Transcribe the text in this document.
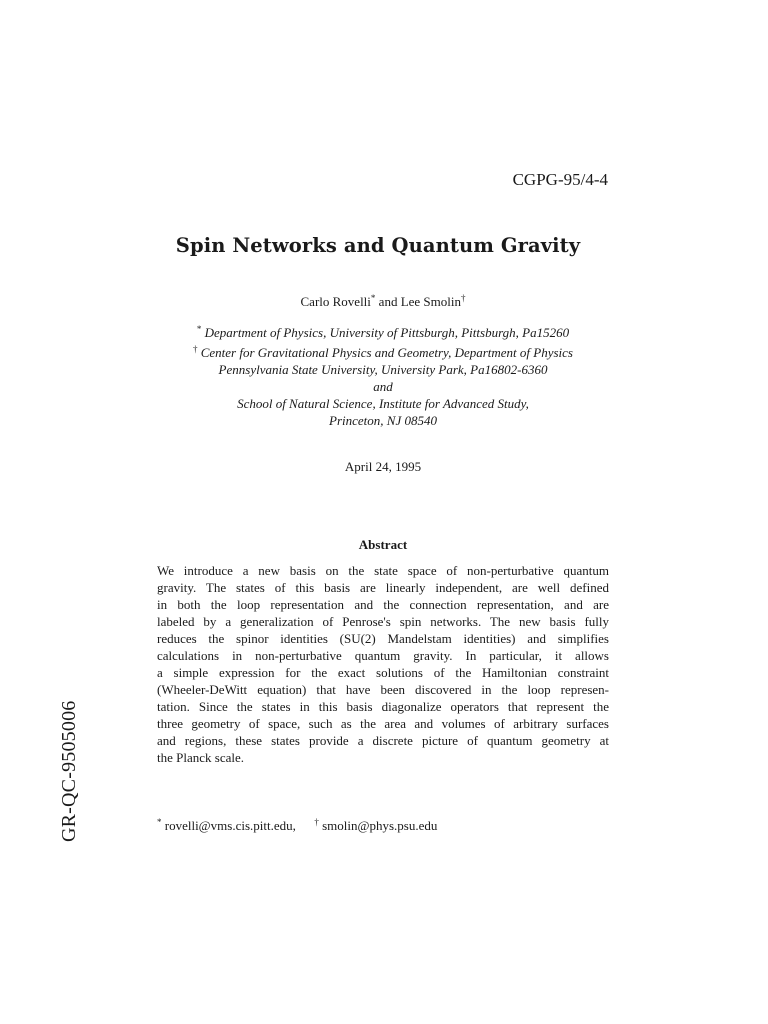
CGPG-95/4-4
Spin Networks and Quantum Gravity
Carlo Rovelli* and Lee Smolin†
* Department of Physics, University of Pittsburgh, Pittsburgh, Pa15260
† Center for Gravitational Physics and Geometry, Department of Physics
Pennsylvania State University, University Park, Pa16802-6360
and
School of Natural Science, Institute for Advanced Study,
Princeton, NJ 08540
April 24, 1995
Abstract
We introduce a new basis on the state space of non-perturbative quantum
gravity. The states of this basis are linearly independent, are well defined
in both the loop representation and the connection representation, and are
labeled by a generalization of Penrose's spin networks. The new basis fully
reduces the spinor identities (SU(2) Mandelstam identities) and simplifies
calculations in non-perturbative quantum gravity. In particular, it allows
a simple expression for the exact solutions of the Hamiltonian constraint
(Wheeler-DeWitt equation) that have been discovered in the loop represen-
tation. Since the states in this basis diagonalize operators that represent the
three geometry of space, such as the area and volumes of arbitrary surfaces
and regions, these states provide a discrete picture of quantum geometry at
the Planck scale.
* rovelli@vms.cis.pitt.edu, † smolin@phys.psu.edu
GR-QC-9505006
